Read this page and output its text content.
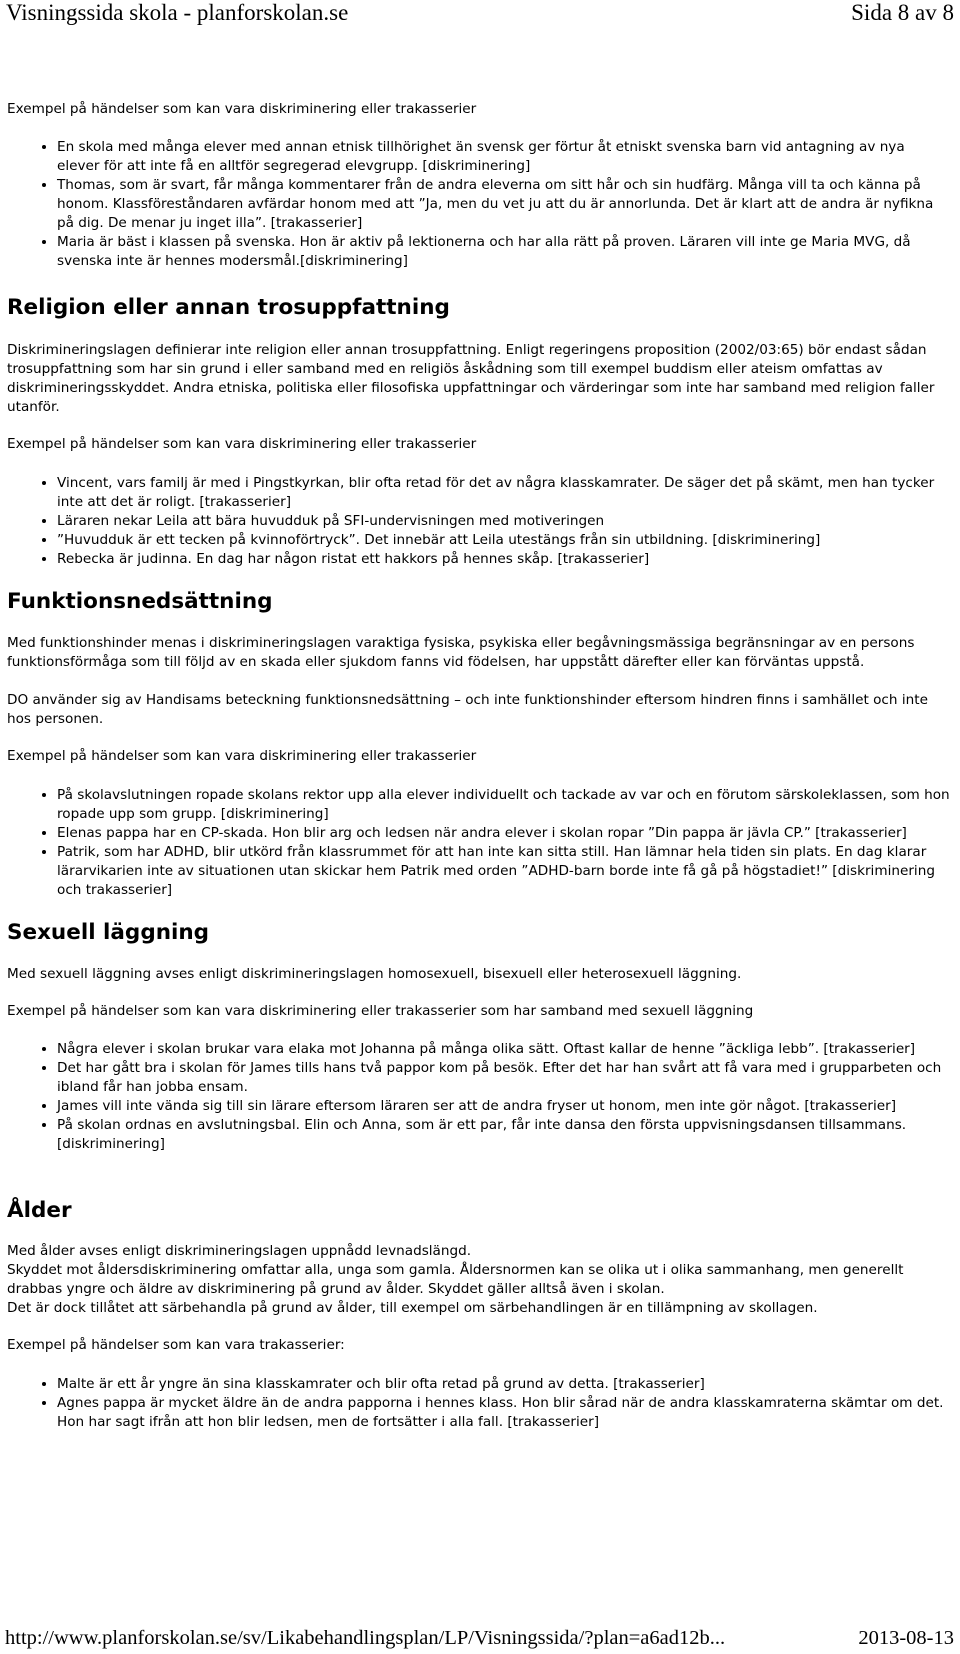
Visningssida skola - planforskolan.se	Sida 8 av 8

Exempel på händelser som kan vara diskriminering eller trakasserier

• En skola med många elever med annan etnisk tillhörighet än svensk ger förtur åt etniskt svenska barn vid antagning av nya elever för att inte få en alltför segregerad elevgrupp. [diskriminering]
• Thomas, som är svart, får många kommentarer från de andra eleverna om sitt hår och sin hudfärg. Många vill ta och känna på honom. Klassföreståndaren avfärdar honom med att ”Ja, men du vet ju att du är annorlunda. Det är klart att de andra är nyfikna på dig. De menar ju inget illa”. [trakasserier]
• Maria är bäst i klassen på svenska. Hon är aktiv på lektionerna och har alla rätt på proven. Läraren vill inte ge Maria MVG, då svenska inte är hennes modersmål.[diskriminering]
Religion eller annan trosuppfattning

Diskrimineringslagen definierar inte religion eller annan trosuppfattning. Enligt regeringens proposition (2002/03:65) bör endast sådan trosuppfattning som har sin grund i eller samband med en religiös åskådning som till exempel buddism eller ateism omfattas av diskrimineringsskyddet. Andra etniska, politiska eller filosofiska uppfattningar och värderingar som inte har samband med religion faller utanför.

Exempel på händelser som kan vara diskriminering eller trakasserier

• Vincent, vars familj är med i Pingstkyrkan, blir ofta retad för det av några klasskamrater. De säger det på skämt, men han tycker inte att det är roligt. [trakasserier]
• Läraren nekar Leila att bära huvudduk på SFI-undervisningen med motiveringen
• ”Huvudduk är ett tecken på kvinnoförtryck”. Det innebär att Leila utestängs från sin utbildning. [diskriminering]
• Rebecka är judinna. En dag har någon ristat ett hakkors på hennes skåp. [trakasserier]
Funktionsnedsättning

Med funktionshinder menas i diskrimineringslagen varaktiga fysiska, psykiska eller begåvningsmässiga begränsningar av en persons funktionsförmåga som till följd av en skada eller sjukdom fanns vid födelsen, har uppstått därefter eller kan förväntas uppstå.

DO använder sig av Handisams beteckning funktionsnedsättning – och inte funktionshinder eftersom hindren finns i samhället och inte hos personen.

Exempel på händelser som kan vara diskriminering eller trakasserier

• På skolavslutningen ropade skolans rektor upp alla elever individuellt och tackade av var och en förutom särskoleklassen, som hon ropade upp som grupp. [diskriminering]
• Elenas pappa har en CP-skada. Hon blir arg och ledsen när andra elever i skolan ropar ”Din pappa är jävla CP.” [trakasserier]
• Patrik, som har ADHD, blir utkörd från klassrummet för att han inte kan sitta still. Han lämnar hela tiden sin plats. En dag klarar lärarvikarien inte av situationen utan skickar hem Patrik med orden ”ADHD-barn borde inte få gå på högstadiet!” [diskriminering och trakasserier]
Sexuell läggning

Med sexuell läggning avses enligt diskrimineringslagen homosexuell, bisexuell eller heterosexuell läggning.

Exempel på händelser som kan vara diskriminering eller trakasserier som har samband med sexuell läggning

• Några elever i skolan brukar vara elaka mot Johanna på många olika sätt. Oftast kallar de henne ”äckliga lebb”. [trakasserier]
• Det har gått bra i skolan för James tills hans två pappor kom på besök. Efter det har han svårt att få vara med i grupparbeten och ibland får han jobba ensam.
• James vill inte vända sig till sin lärare eftersom läraren ser att de andra fryser ut honom, men inte gör något. [trakasserier]
• På skolan ordnas en avslutningsbal. Elin och Anna, som är ett par, får inte dansa den första uppvisningsdansen tillsammans. [diskriminering]
Ålder

Med ålder avses enligt diskrimineringslagen uppnådd levnadslängd.

Skyddet mot åldersdiskriminering omfattar alla, unga som gamla. Åldersnormen kan se olika ut i olika sammanhang, men generellt drabbas yngre och äldre av diskriminering på grund av ålder. Skyddet gäller alltså även i skolan.

Det är dock tillåtet att särbehandla på grund av ålder, till exempel om särbehandlingen är en tillämpning av skollagen.

Exempel på händelser som kan vara trakasserier:

• Malte är ett år yngre än sina klasskamrater och blir ofta retad på grund av detta. [trakasserier]
• Agnes pappa är mycket äldre än de andra papporna i hennes klass. Hon blir sårad när de andra klasskamraterna skämtar om det. Hon har sagt ifrån att hon blir ledsen, men de fortsätter i alla fall. [trakasserier]
http://www.planforskolan.se/sv/Likabehandlingsplan/LP/Visningssida/?plan=a6ad12b...	2013-08-13
